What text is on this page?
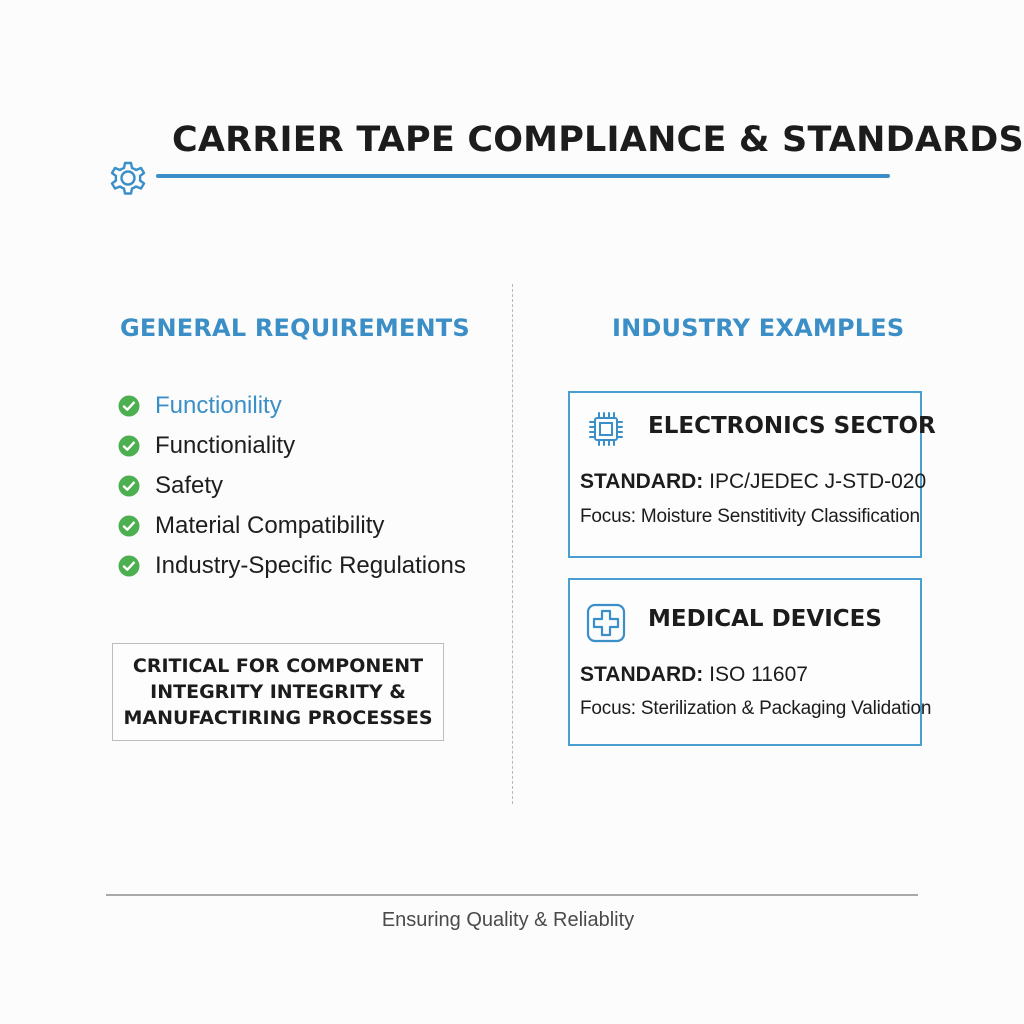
CARRIER TAPE COMPLIANCE & STANDARDS
GENERAL REQUIREMENTS
Functionility
Functioniality
Safety
Material Compatibility
Industry-Specific Regulations
CRITICAL FOR COMPONENT
INTEGRITY INTEGRITY &
MANUFACTIRING PROCESSES
INDUSTRY EXAMPLES
ELECTRONICS SECTOR
STANDARD: IPC/JEDEC J-STD-020
Focus: Moisture Senstitivity Classification
MEDICAL DEVICES
STANDARD: ISO 11607
Focus: Sterilization & Packaging Validation
Ensuring Quality & Reliablity
